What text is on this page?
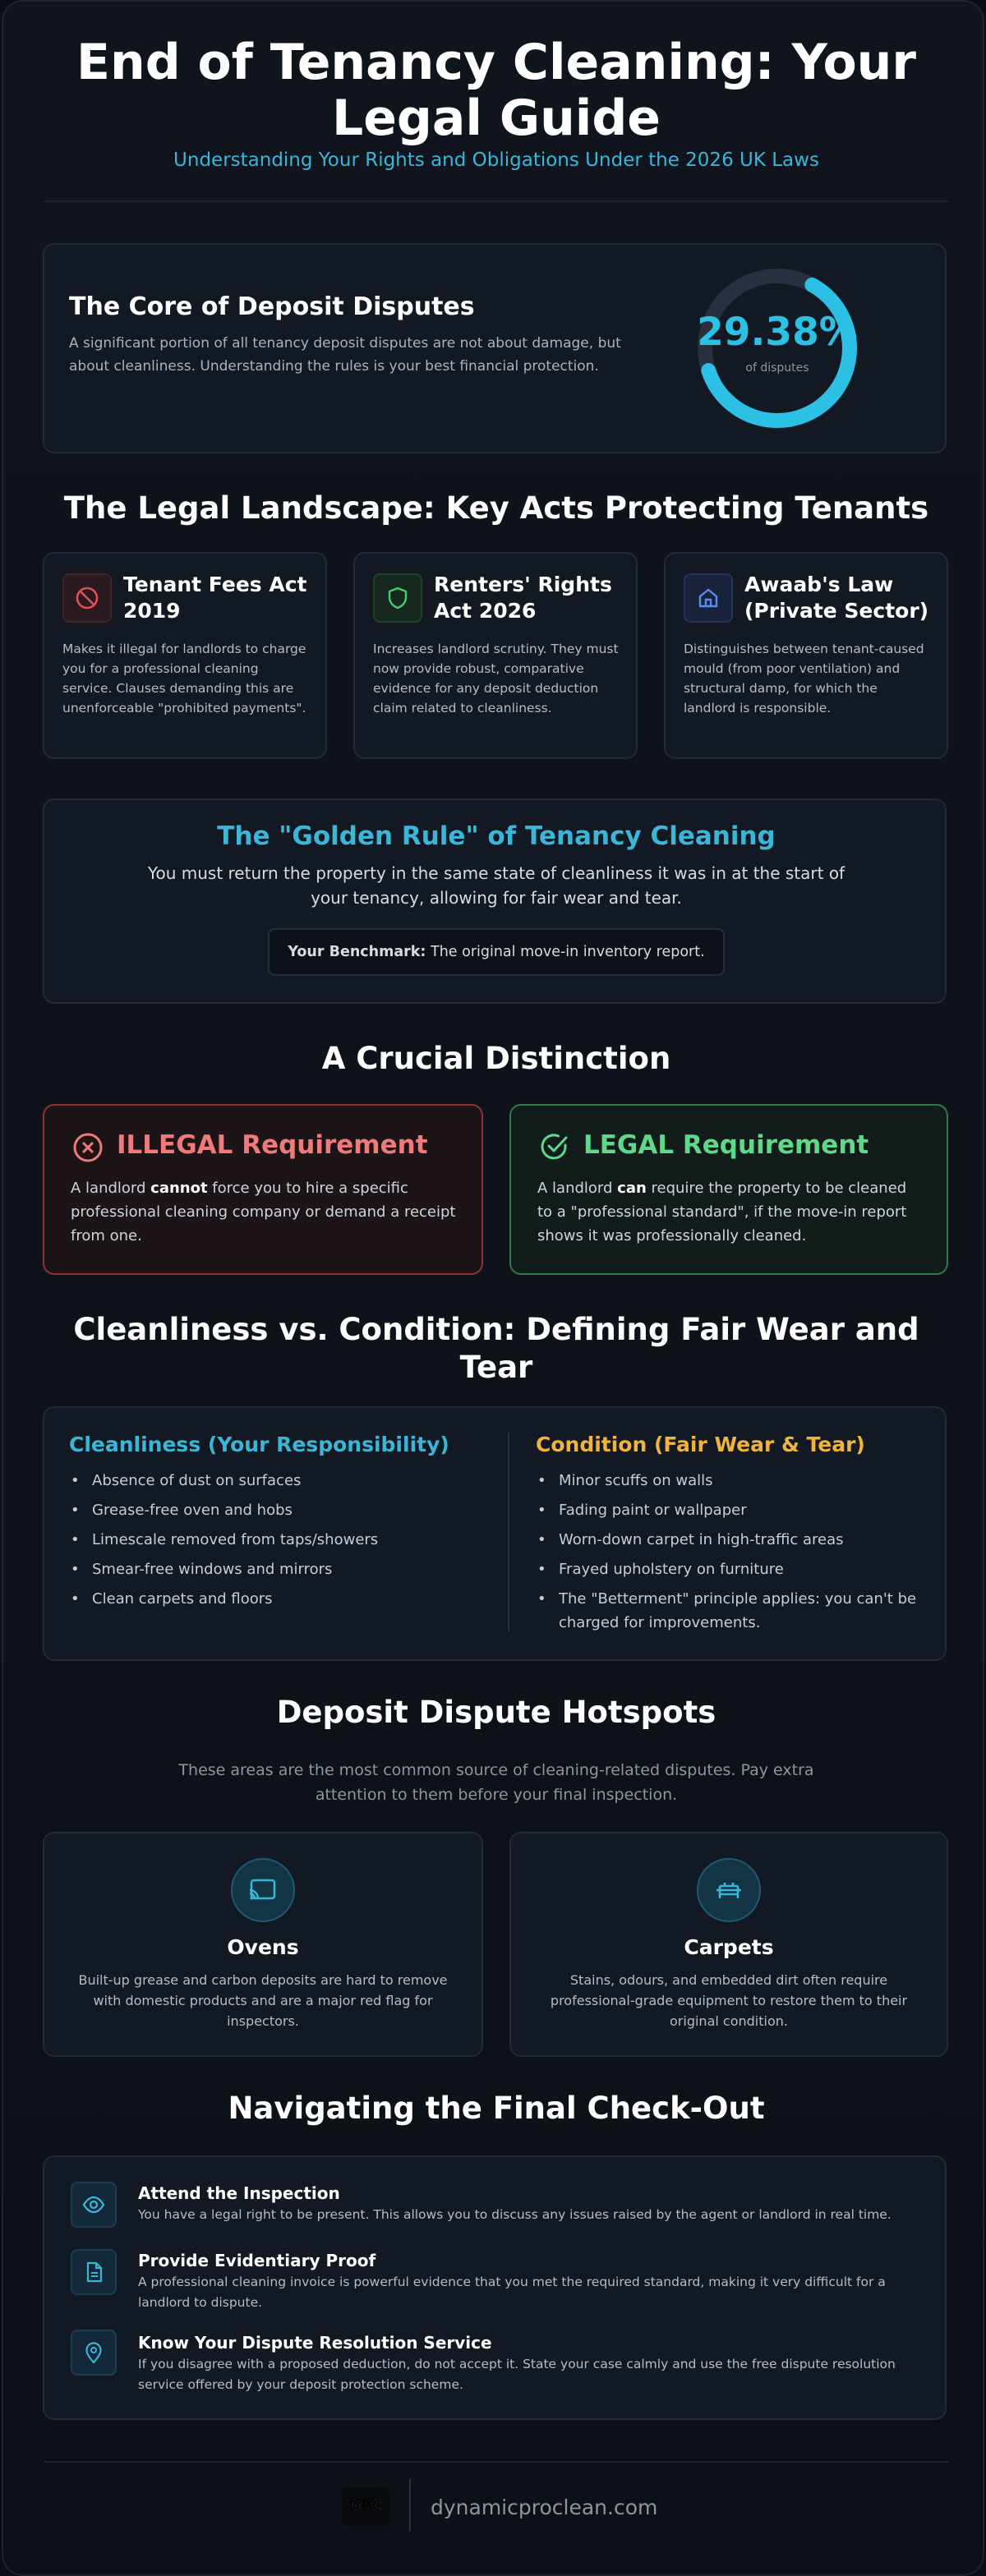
End of Tenancy Cleaning: Your Legal Guide
Understanding Your Rights and Obligations Under the 2026 UK Laws
The Core of Deposit Disputes
A significant portion of all tenancy deposit disputes are not about damage, but about cleanliness. Understanding the rules is your best financial protection.
29.38%
of disputes
The Legal Landscape: Key Acts Protecting Tenants
Tenant Fees Act 2019
Makes it illegal for landlords to charge you for a professional cleaning service. Clauses demanding this are unenforceable "prohibited payments".
Renters' Rights Act 2026
Increases landlord scrutiny. They must now provide robust, comparative evidence for any deposit deduction claim related to cleanliness.
Awaab's Law (Private Sector)
Distinguishes between tenant-caused mould (from poor ventilation) and structural damp, for which the landlord is responsible.
The "Golden Rule" of Tenancy Cleaning
You must return the property in the same state of cleanliness it was in at the start of your tenancy, allowing for fair wear and tear.
Your Benchmark: The original move-in inventory report.
A Crucial Distinction
ILLEGAL Requirement
A landlord cannot force you to hire a specific professional cleaning company or demand a receipt from one.
LEGAL Requirement
A landlord can require the property to be cleaned to a "professional standard", if the move-in report shows it was professionally cleaned.
Cleanliness vs. Condition: Defining Fair Wear and Tear
Cleanliness (Your Responsibility)
• Absence of dust on surfaces
• Grease-free oven and hobs
• Limescale removed from taps/showers
• Smear-free windows and mirrors
• Clean carpets and floors
Condition (Fair Wear & Tear)
• Minor scuffs on walls
• Fading paint or wallpaper
• Worn-down carpet in high-traffic areas
• Frayed upholstery on furniture
• The "Betterment" principle applies: you can't be charged for improvements.
Deposit Dispute Hotspots
These areas are the most common source of cleaning-related disputes. Pay extra attention to them before your final inspection.
Ovens
Built-up grease and carbon deposits are hard to remove with domestic products and are a major red flag for inspectors.
Carpets
Stains, odours, and embedded dirt often require professional-grade equipment to restore them to their original condition.
Navigating the Final Check-Out
Attend the Inspection
You have a legal right to be present. This allows you to discuss any issues raised by the agent or landlord in real time.
Provide Evidentiary Proof
A professional cleaning invoice is powerful evidence that you met the required standard, making it very difficult for a landlord to dispute.
Know Your Dispute Resolution Service
If you disagree with a proposed deduction, do not accept it. State your case calmly and use the free dispute resolution service offered by your deposit protection scheme.
DPC dynamicproclean.com
